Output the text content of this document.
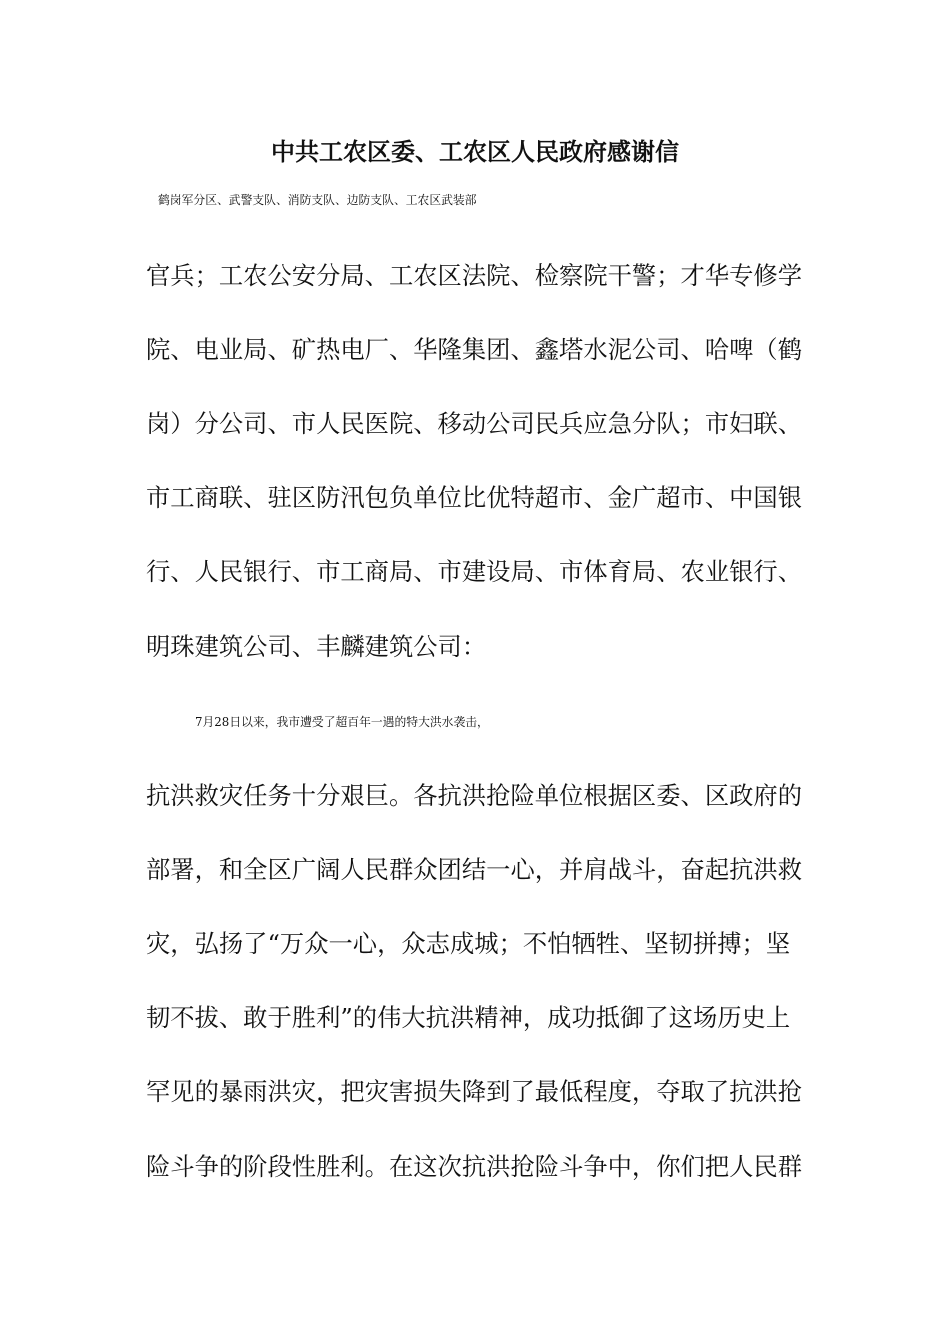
中共工农区委、工农区人民政府感谢信

鹤岗军分区、武警支队、消防支队、边防支队、工农区武装部

官兵；工农公安分局、工农区法院、检察院干警；才华专修学

院、电业局、矿热电厂、华隆集团、鑫塔水泥公司、哈啤（鹤

岗）分公司、市人民医院、移动公司民兵应急分队；市妇联、

市工商联、驻区防汛包负单位比优特超市、金广超市、中国银

行、人民银行、市工商局、市建设局、市体育局、农业银行、

明珠建筑公司、丰麟建筑公司：

7月28日以来，我市遭受了超百年一遇的特大洪水袭击，

抗洪救灾任务十分艰巨。各抗洪抢险单位根据区委、区政府的

部署，和全区广阔人民群众团结一心，并肩战斗，奋起抗洪救

灾，弘扬了“万众一心，众志成城；不怕牺牲、坚韧拼搏；坚

韧不拔、敢于胜利”的伟大抗洪精神，成功抵御了这场历史上

罕见的暴雨洪灾，把灾害损失降到了最低程度，夺取了抗洪抢

险斗争的阶段性胜利。在这次抗洪抢险斗争中，你们把人民群
